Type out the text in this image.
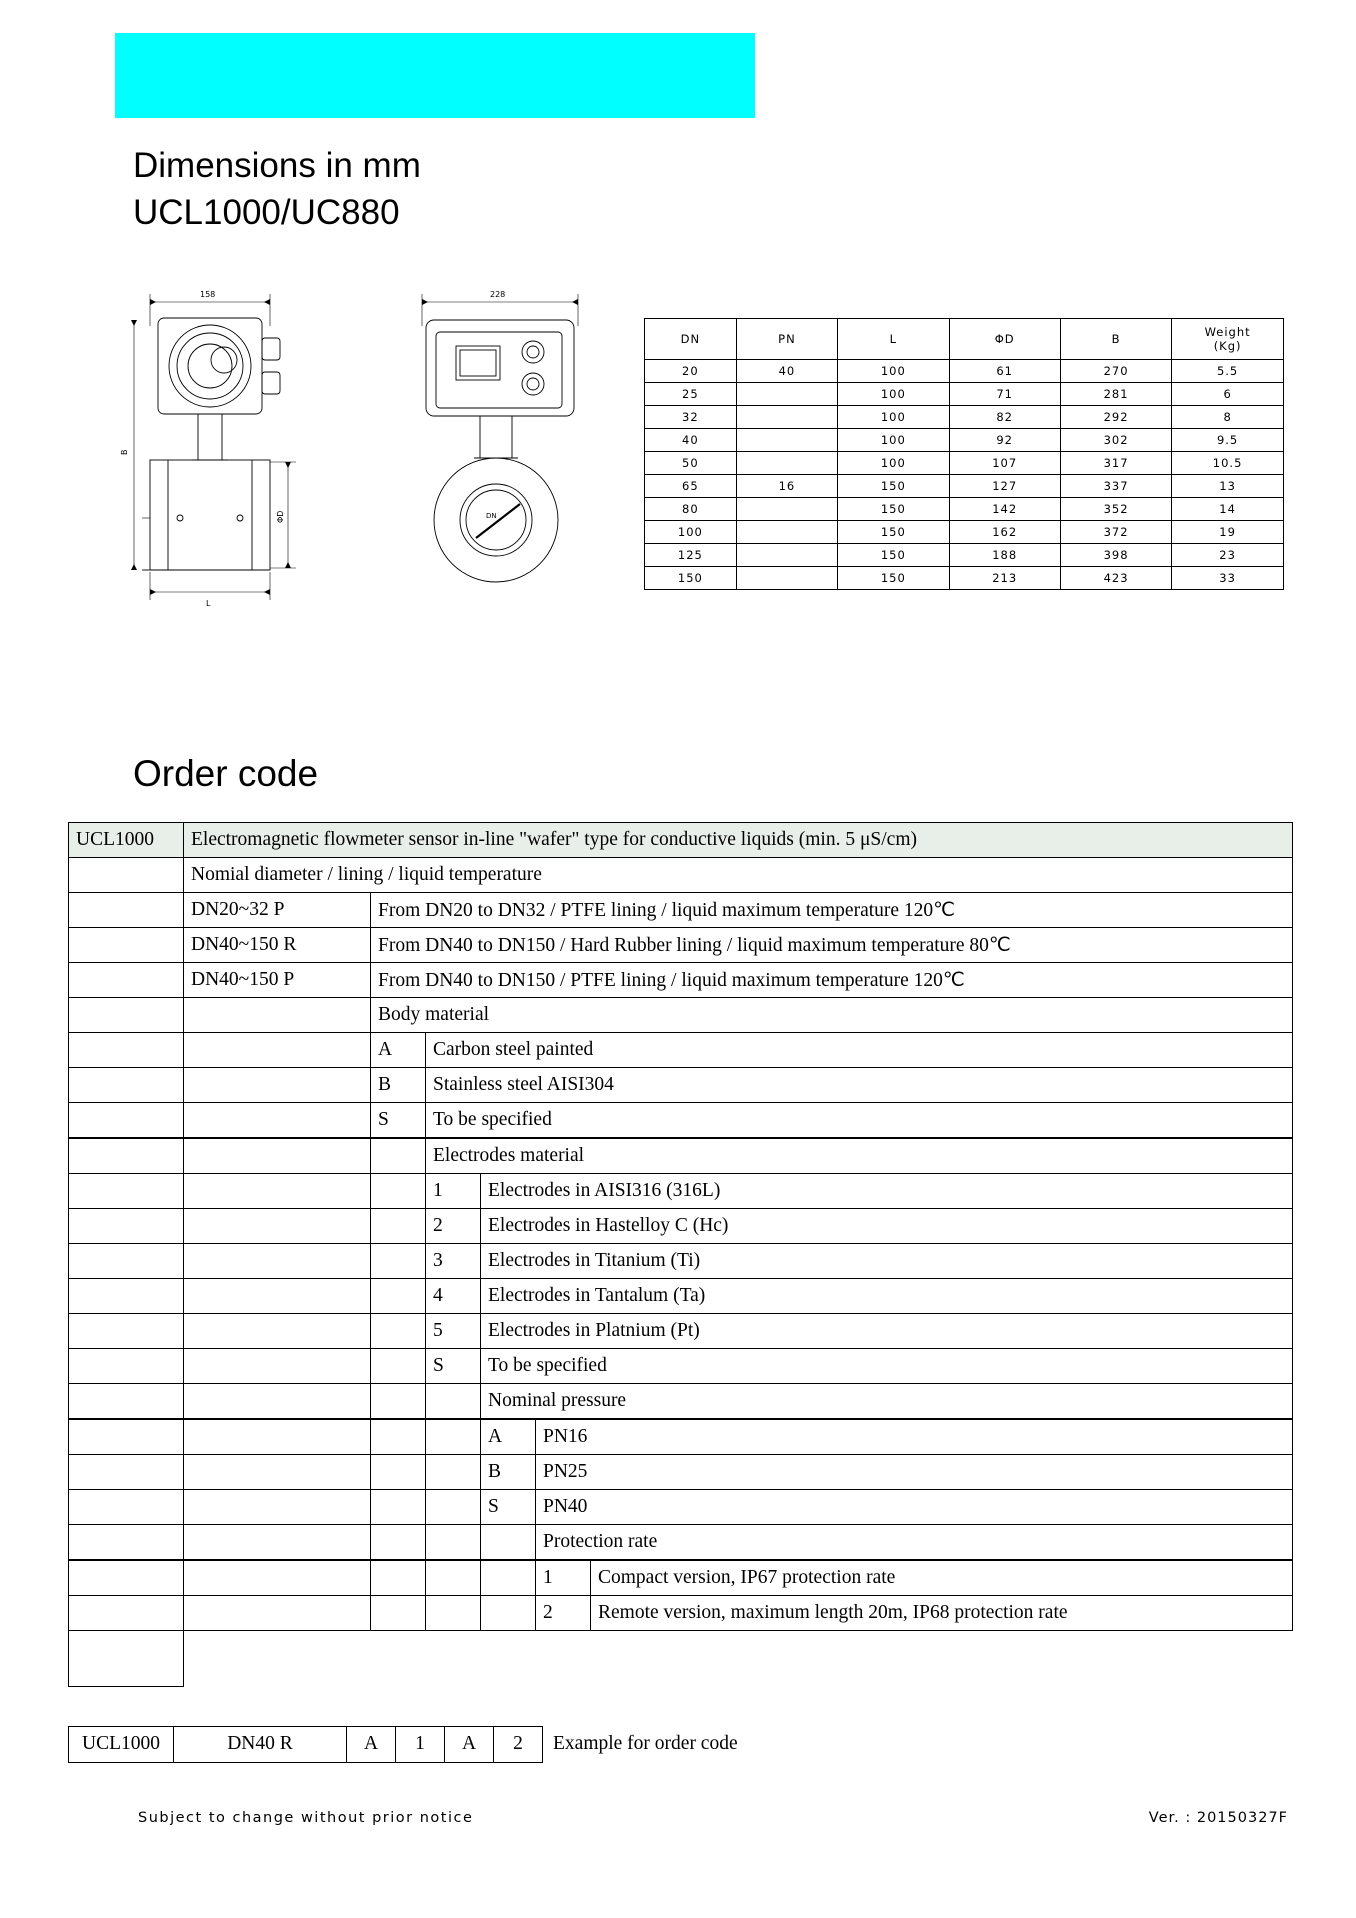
Dimensions in mm
UCL1000/UC880
158
B
ΦD
L
228
DN
DN	PN	L	ΦD	B	Weight
(Kg)

20	40	100	61	270	5.5
25		100	71	281	6
32		100	82	292	8
40		100	92	302	9.5
50		100	107	317	10.5
65	16	150	127	337	13
80		150	142	352	14
100		150	162	372	19
125		150	188	398	23
150		150	213	423	33
Order code
UCL1000	Electromagnetic flowmeter sensor in-line "wafer" type for conductive liquids (min. 5 μS/cm)		
	Nomial diameter / lining / liquid temperature		
	DN20~32 P	From DN20 to DN32 / PTFE lining / liquid maximum temperature 120℃	
	DN40~150 R	From DN40 to DN150 / Hard Rubber lining / liquid maximum temperature 80℃	
	DN40~150 P	From DN40 to DN150 / PTFE lining / liquid maximum temperature 120℃	
		Body material	
		A	Carbon steel painted
		B	Stainless steel AISI304
		S	To be specified
			Electrodes material	
			1	Electrodes in AISI316 (316L)
			2	Electrodes in Hastelloy C (Hc)
			3	Electrodes in Titanium (Ti)
			4	Electrodes in Tantalum (Ta)
			5	Electrodes in Platnium (Pt)
			S	To be specified
				Nominal pressure
				A	PN16
				B	PN25
				S	PN40
					Protection rate
					1	Compact version, IP67 protection rate
					2	Remote version, maximum length 20m, IP68 protection rate

UCL1000	DN40 R	A	1	A	2	Example for order code
Subject to change without prior notice	Ver. : 20150327F
